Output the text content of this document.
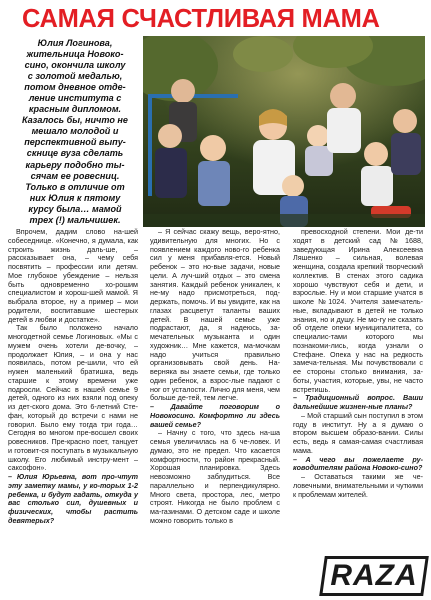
САМАЯ СЧАСТЛИВАЯ МАМА
Юлия Логинова,
жительница Новоко-
сино, окончила школу
с золотой медалью,
потом дневное отде-
ление института с
красным дипломом.
Казалось бы, ничто не
мешало молодой и
перспективной выпу-
скнице вуза сделать
карьеру подобно ты-
сячам ее ровесниц.
Только в отличие от
них Юлия к пятому
курсу была… мамой
трех (!) мальчишек.

Впрочем, дадим слово на-шей собеседнице. «Конечно, я думала, как строить жизнь даль-ше, – рассказывает она, – чему себя посвятить – профессии или детям. Мое глубокое убеждение – нельзя быть одновременно хо-рошим специалистом и хорош-шей мамой. Я выбрала второе, ну а пример – мои родители, воспитавшие шестерых детей в любви и достатке».

Так было положено начало многодетной семье Логиновых. «Мы с мужем очень хотели де-вочку, – продолжает Юлия, – и она у нас появилась, потом ре-шили, что ей нужен маленький братишка, ведь старшие к этому времени уже подросли. Сейчас в нашей семье 9 детей, одного из них взяли под опеку из дет-ского дома. Это 6-летний Сте-фан, который до встречи с нами не говорил. Было ему тогда три года… Сегодня во многом пре-восшел своих ровесников. Пре-красно поет, танцует и готовит-ся поступать в музыкальную школу. Его любимый инстру-мент – саксофон».

– Юлия Юрьевна, вот про-чтут эту заметку мамы, у ко-торых 1-2 ребенка, и будут гадать, откуда у вас столько сил, душевных и физических, чтобы растить девятерых?

– Я сейчас скажу вещь, веро-ятно, удивительную для многих. Но с появлением каждого ново-го ребенка сил у меня прибавля-ется. Новый ребенок – это но-вые задачи, новые цели. А луч-ший отдых – это смена занятия. Каждый ребенок уникален, к не-му надо присмотреться, под-держать, помочь. И вы увидите, как на глазах расцветут таланты ваших детей. В нашей семье уже подрастают, да, я надеюсь, за-мечательных музыканта и один художник… Мне кажется, ма-мочкам надо учиться правильно организовывать свой день. На-верняка вы знаете семьи, где только один ребенок, а взрос-лые падают с ног от усталости. Лично для меня, чем больше де-тей, тем легче.

– Давайте поговорим о Новокосино. Комфортно ли здесь вашей семье?

– Начну с того, что здесь на-ша семья увеличилась на 6 че-ловек. И думаю, это не предел. Что касается комфортности, то район прекрасный. Хорошая планировка. Здесь невозможно заблудиться. Все параллельно и перпендикулярно. Много света, простора, лес, метро строят. Никогда не было проблем с ма-газинами. О детском саде и школе можно говорить только в

превосходной степени. Мои де-ти ходят в детский сад №1688, заведующая Ирина Алексеевна Ляшенко – сильная, волевая женщина, создала крепкий творческий коллектив. В стенах этого садика хорошо чувствуют себя и дети, и взрослые. Ну и мои старшие учатся в школе №1024. Учителя замечатель-ные, вкладывают в детей не только знания, но и душу. Не мо-гу не сказать об отделе опеки муниципалитета, со специалис-тами которого мы познакоми-лись, когда узнали о Стефане. Опека у нас на редкость замеча-тельная. Мы почувствовали с ее стороны столько внимания, за-боты, участия, которые, увы, не часто встретишь.

– Традиционный вопрос. Ваши дальнейшие жизнен-ные планы?

– Мой старший сын поступил в этом году в институт. Ну а я думаю о втором высшем образо-вании. Силы есть, ведь я самая-самая счастливая мама.

– А чего вы пожелаете ру-ководителям района Новоко-сино?

– Оставаться такими же че-ловечными, внимательными и чуткими к проблемам жителей.

RAZA
